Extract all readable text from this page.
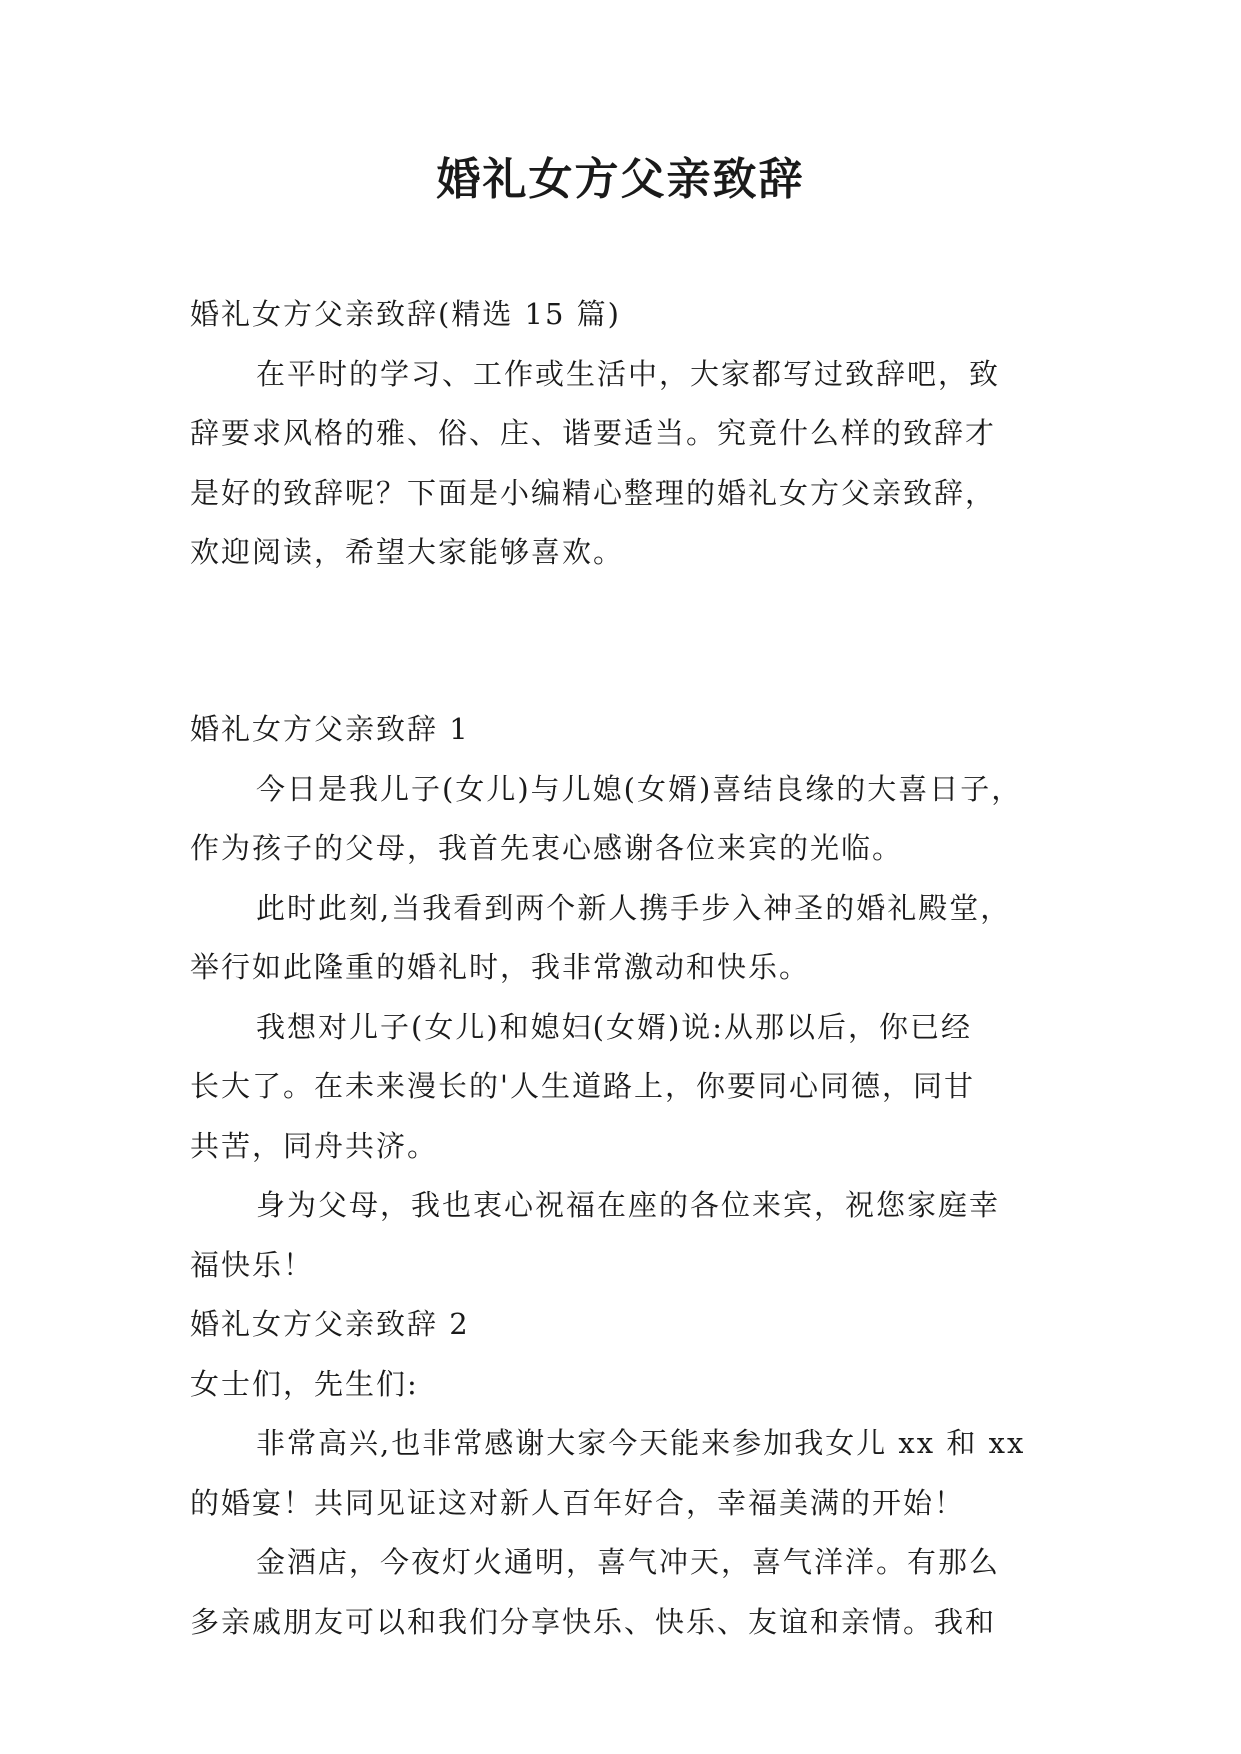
婚礼女方父亲致辞

婚礼女方父亲致辞(精选 15 篇)

在平时的学习、工作或生活中，大家都写过致辞吧，致

辞要求风格的雅、俗、庄、谐要适当。究竟什么样的致辞才

是好的致辞呢？下面是小编精心整理的婚礼女方父亲致辞，

欢迎阅读，希望大家能够喜欢。

婚礼女方父亲致辞 1

今日是我儿子(女儿)与儿媳(女婿)喜结良缘的大喜日子，

作为孩子的父母，我首先衷心感谢各位来宾的光临。

此时此刻,当我看到两个新人携手步入神圣的婚礼殿堂，

举行如此隆重的婚礼时，我非常激动和快乐。

我想对儿子(女儿)和媳妇(女婿)说:从那以后，你已经

长大了。在未来漫长的'人生道路上，你要同心同德，同甘

共苦，同舟共济。

身为父母，我也衷心祝福在座的各位来宾，祝您家庭幸

福快乐！

婚礼女方父亲致辞 2

女士们，先生们:

非常高兴,也非常感谢大家今天能来参加我女儿 xx 和 xx

的婚宴！共同见证这对新人百年好合，幸福美满的开始！

金酒店，今夜灯火通明，喜气冲天，喜气洋洋。有那么

多亲戚朋友可以和我们分享快乐、快乐、友谊和亲情。我和
